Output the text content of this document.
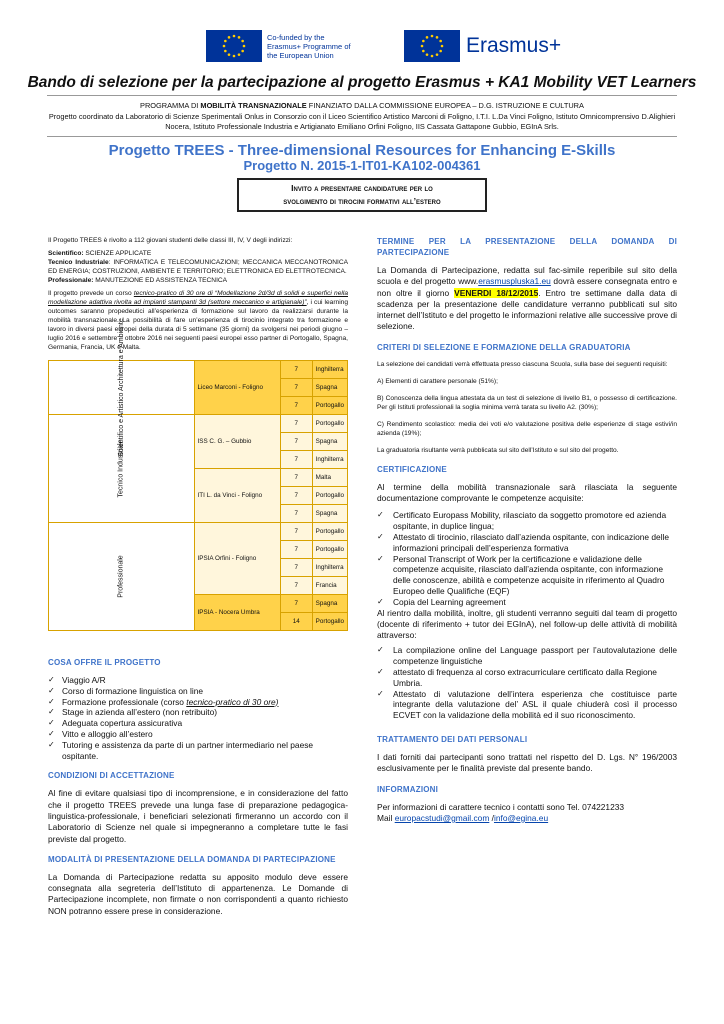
Co-funded by the Erasmus+ Programme of the European Union	Erasmus+
Bando di selezione per la partecipazione al progetto Erasmus + KA1 Mobility VET Learners
PROGRAMMA DI MOBILITÀ TRANSNAZIONALE FINANZIATO DALLA COMMISSIONE EUROPEA – D.G. ISTRUZIONE E CULTURA
Progetto coordinato da Laboratorio di Scienze Sperimentali Onlus in Consorzio con il Liceo Scientifico Artistico Marconi di Foligno, I.T.I. L.Da Vinci Foligno, Istituto Omnicomprensivo D.Alighieri Nocera, Istituto Professionale Industria e Artigianato Emiliano Orfini Foligno, IIS Cassata Gattapone Gubbio, EGInA Srls.
Progetto TREES - Three-dimensional Resources for Enhancing E-Skills
Progetto N. 2015-1-IT01-KA102-004361
Invito a presentare candidature per lo
svolgimento di tirocini formativi all’estero

Il Progetto TREES è rivolto a 112 giovani studenti delle classi III, IV, V degli indirizzi:

Scientifico: SCIENZE APPLICATE
Tecnico Industriale: INFORMATICA E TELECOMUNICAZIONI; MECCANICA MECCANOTRONICA ED ENERGIA; COSTRUZIONI, AMBIENTE E TERRITORIO; ELETTRONICA ED ELETTROTECNICA.

Professionale: MANUTEZIONE ED ASSISTENZA TECNICA

Il progetto prevede un corso tecnico-pratico di 30 ore di “Modellazione 2d/3d di solidi e superfici nella modellazione adattiva rivolta ad impianti stampanti 3d (settore meccanico e artigianale)”, i cui learning outcomes saranno propedeutici all’esperienza di formazione sul lavoro da realizzarsi durante la mobilità transnazionale. La possibilità di fare un’esperienza di tirocinio integrato tra formazione e lavoro in diversi paesi europei della durata di 5 settimane (35 giorni) da svolgersi nei periodi giugno – luglio 2016 e settembre – ottobre 2016 nei seguenti paesi europei esso partner di Portogallo, Spagna, Germania, Francia, UK e Malta.

Scientifico e Artistico Architettura e Ambiente	Liceo Marconi - Foligno	7	Inghilterra
		7	Spagna
		7	Portogallo
Tecnico Industriale	ISS C. G. – Gubbio	7	Portogallo
		7	Spagna
		7	Inghilterra
	ITI L. da Vinci - Foligno	7	Malta
		7	Portogallo
		7	Spagna
Professionale	IPSIA Orfini - Foligno	7	Portogallo
		7	Portogallo
		7	Inghilterra
		7	Francia
	IPSIA - Nocera Umbra	7	Spagna
		14	Portogallo
COSA OFFRE IL PROGETTO
✓ Viaggio A/R
✓ Corso di formazione linguistica on line
✓ Formazione professionale (corso tecnico-pratico di 30 ore)
✓ Stage in azienda all’estero (non retribuito)
✓ Adeguata copertura assicurativa
✓ Vitto e alloggio all’estero
✓ Tutoring e assistenza da parte di un partner intermediario nel paese ospitante.
CONDIZIONI DI ACCETTAZIONE
Al fine di evitare qualsiasi tipo di incomprensione, e in considerazione del fatto che il progetto TREES prevede una lunga fase di preparazione pedagogica-linguistica-professionale, i beneficiari selezionati firmeranno un accordo con il Laboratorio di Scienze nel quale si impegneranno a completare tutte le fasi previste dal progetto.
MODALITÀ DI PRESENTAZIONE DELLA DOMANDA DI PARTECIPAZIONE
La Domanda di Partecipazione redatta su apposito modulo deve essere consegnata alla segreteria dell’Istituto di appartenenza. Le Domande di Partecipazione incomplete, non firmate o non corrispondenti a quanto richiesto NON potranno essere prese in considerazione.
TERMINE PER LA PRESENTAZIONE DELLA DOMANDA DI PARTECIPAZIONE
La Domanda di Partecipazione, redatta sul fac-simile reperibile sul sito della scuola e del progetto www.erasmuspluska1.eu dovrà essere consegnata entro e non oltre il giorno VENERDI 18/12/2015. Entro tre settimane dalla data di scadenza per la presentazione delle candidature verranno pubblicati sul sito internet dell’Istituto e del progetto le informazioni relative alle successive prove di selezione.
CRITERI DI SELEZIONE E FORMAZIONE DELLA GRADUATORIA

La selezione dei candidati verrà effettuata presso ciascuna Scuola, sulla base dei seguenti requisiti:

A) Elementi di carattere personale (51%);

B) Conoscenza della lingua attestata da un test di selezione di livello B1, o possesso di certificazione. Per gli Istituti professionali la soglia minima verrà tarata su livello A2. (30%);

C) Rendimento scolastico: media dei voti e/o valutazione positiva delle esperienze di stage estivi/in azienda (19%);

La graduatoria risultante verrà pubblicata sul sito dell’Istituto e sul sito del progetto.

CERTIFICAZIONE
Al termine della mobilità transnazionale sarà rilasciata la seguente documentazione comprovante le competenze acquisite:
✓ Certificato Europass Mobility, rilasciato da soggetto promotore ed azienda ospitante, in duplice lingua;
✓ Attestato di tirocinio, rilasciato dall’azienda ospitante, con indicazione delle informazioni principali dell’esperienza formativa
✓ Personal Transcript of Work per la certificazione e validazione delle competenze acquisite, rilasciato dall’azienda ospitante, con informazione delle conoscenze, abilità e competenze acquisite in riferimento al Quadro Europeo delle Qualifiche (EQF)
✓ Copia del Learning agreement
Al rientro dalla mobilità, inoltre, gli studenti verranno seguiti dal team di progetto (docente di riferimento + tutor dei EGInA), nel follow-up delle attività di mobilità attraverso:
✓ La compilazione online del Language passport per l’autovalutazione delle competenze linguistiche
✓ attestato di frequenza al corso extracurriculare certificato dalla Regione Umbria.
✓ Attestato di valutazione dell’intera esperienza che costituisce parte integrante della valutazione del’ ASL il quale chiuderà così il processo ECVET con la validazione della mobilità ed il suo riconoscimento.
TRATTAMENTO DEI DATI PERSONALI
I dati forniti dai partecipanti sono trattati nel rispetto del D. Lgs. N° 196/2003 esclusivamente per le finalità previste dal presente bando.
INFORMAZIONI
Per informazioni di carattere tecnico i contatti sono Tel. 074221233
Mail europacstudi@gmail.com /info@egina.eu
